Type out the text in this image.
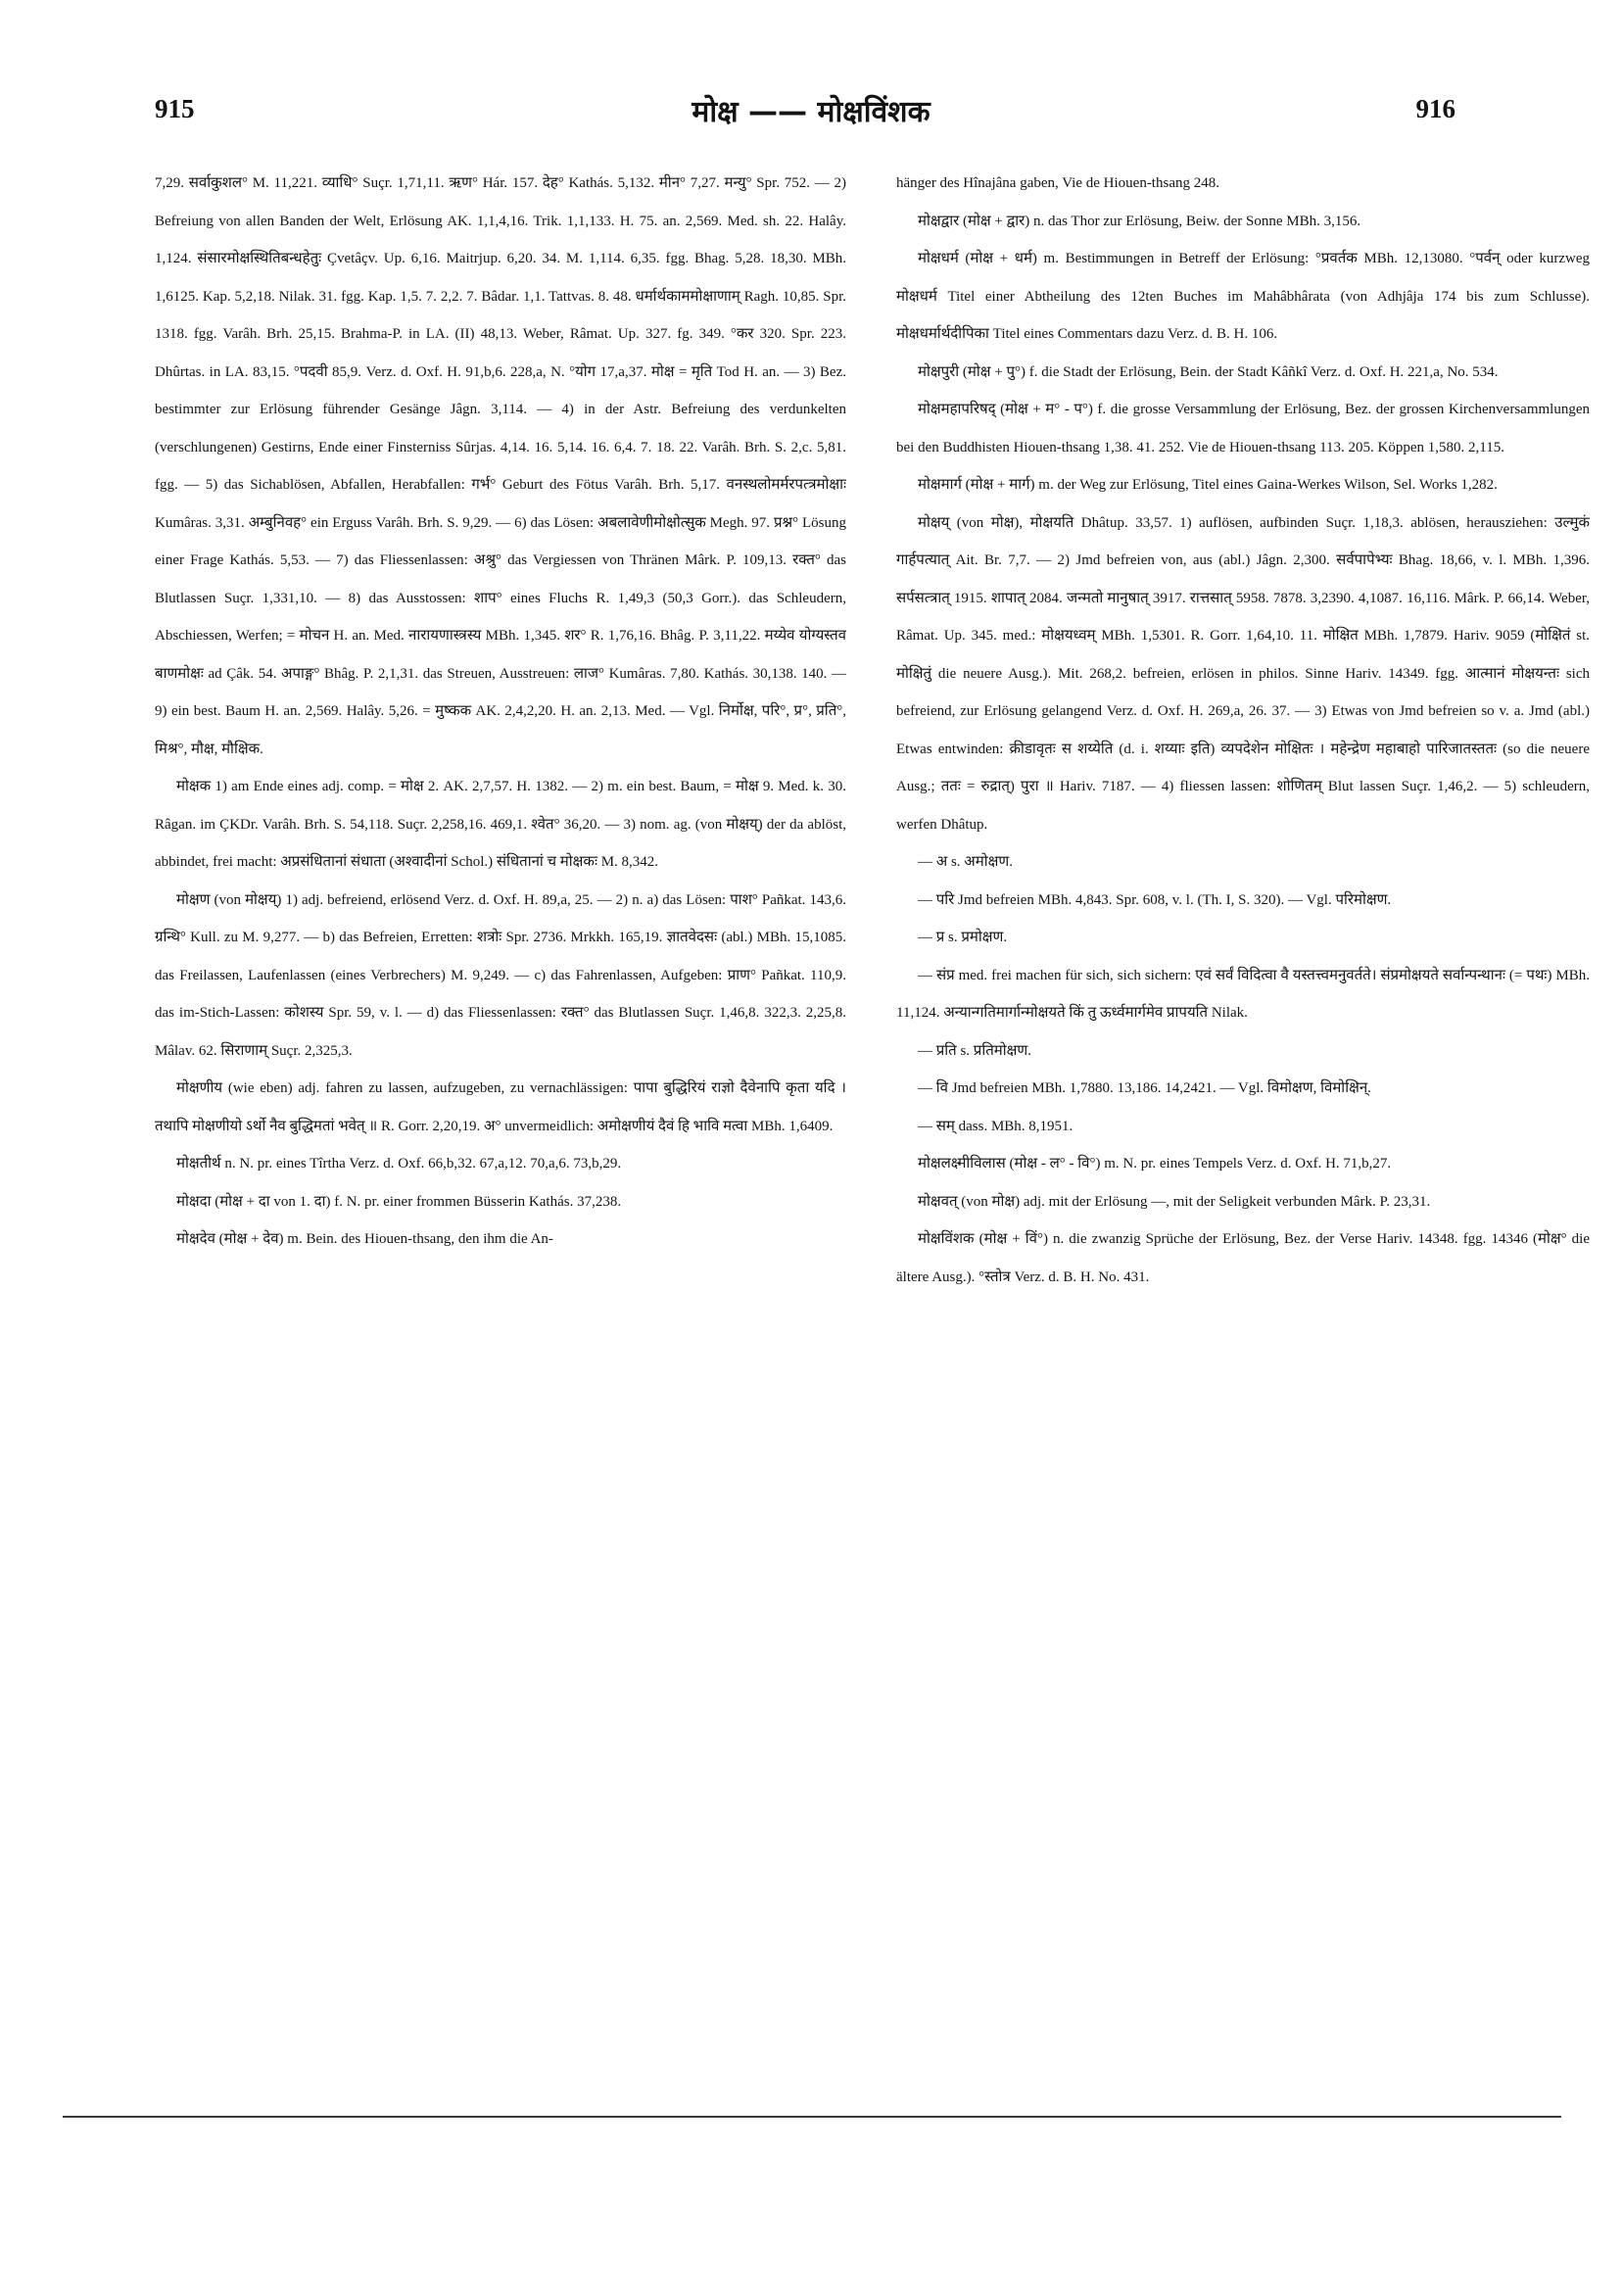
915	मोक्ष —— मोक्षविंशक	916

7,29. सर्वाकुशल° M. 11,221. व्याधि° Suçr. 1,71,11. ऋण° Hár. 157. देह° Kathás. 5,132. मीन° 7,27. मन्यु° Spr. 752. — 2) Befreiung von allen Banden der Welt, Erlösung AK. 1,1,4,16. Trik. 1,1,133. H. 75. an. 2,569. Med. sh. 22. Halây. 1,124. संसारमोक्षस्थितिबन्धहेतुः Çvetâçv. Up. 6,16. Maitrjup. 6,20. 34. M. 1,114. 6,35. fgg. Bhag. 5,28. 18,30. MBh. 1,6125. Kap. 5,2,18. Nilak. 31. fgg. Kap. 1,5. 7. 2,2. 7. Bâdar. 1,1. Tattvas. 8. 48. धर्मार्थकाममोक्षाणाम् Ragh. 10,85. Spr. 1318. fgg. Varâh. Brh. 25,15. Brahma-P. in LA. (II) 48,13. Weber, Râmat. Up. 327. fg. 349. °कर 320. Spr. 223. Dhûrtas. in LA. 83,15. °पदवी 85,9. Verz. d. Oxf. H. 91,b,6. 228,a, N. °योग 17,a,37. मोक्ष = मृति Tod H. an. — 3) Bez. bestimmter zur Erlösung führender Gesänge Jâgn. 3,114. — 4) in der Astr. Befreiung des verdunkelten (verschlungenen) Gestirns, Ende einer Finsterniss Sûrjas. 4,14. 16. 5,14. 16. 6,4. 7. 18. 22. Varâh. Brh. S. 2,c. 5,81. fgg. — 5) das Sichablösen, Abfallen, Herabfallen: गर्भ° Geburt des Fötus Varâh. Brh. 5,17. वनस्थलोमर्मरपत्त्रमोक्षाः Kumâras. 3,31. अम्बुनिवह° ein Erguss Varâh. Brh. S. 9,29. — 6) das Lösen: अबलावेणीमोक्षोत्सुक Megh. 97. प्रश्न° Lösung einer Frage Kathás. 5,53. — 7) das Fliessenlassen: अश्रु° das Vergiessen von Thränen Mârk. P. 109,13. रक्त° das Blutlassen Suçr. 1,331,10. — 8) das Ausstossen: शाप° eines Fluchs R. 1,49,3 (50,3 Gorr.). das Schleudern, Abschiessen, Werfen; = मोचन H. an. Med. नारायणास्त्रस्य MBh. 1,345. शर° R. 1,76,16. Bhâg. P. 3,11,22. मय्येव योग्यस्तव बाणमोक्षः ad Çâk. 54. अपाङ्ग° Bhâg. P. 2,1,31. das Streuen, Ausstreuen: लाज° Kumâras. 7,80. Kathás. 30,138. 140. — 9) ein best. Baum H. an. 2,569. Halây. 5,26. = मुष्कक AK. 2,4,2,20. H. an. 2,13. Med. — Vgl. निर्मोक्ष, परि°, प्र°, प्रति°, मिश्र°, मौक्ष, मौक्षिक.

मोक्षक 1) am Ende eines adj. comp. = मोक्ष 2. AK. 2,7,57. H. 1382. — 2) m. ein best. Baum, = मोक्ष 9. Med. k. 30. Râgan. im ÇKDr. Varâh. Brh. S. 54,118. Suçr. 2,258,16. 469,1. श्वेत° 36,20. — 3) nom. ag. (von मोक्षय्) der da ablöst, abbindet, frei macht: अप्रसंधितानां संधाता (अश्वादीनां Schol.) संधितानां च मोक्षकः M. 8,342.

मोक्षण (von मोक्षय्) 1) adj. befreiend, erlösend Verz. d. Oxf. H. 89,a, 25. — 2) n. a) das Lösen: पाश° Pañkat. 143,6. ग्रन्थि° Kull. zu M. 9,277. — b) das Befreien, Erretten: शत्रोः Spr. 2736. Mrkkh. 165,19. ज्ञातवेदसः (abl.) MBh. 15,1085. das Freilassen, Laufenlassen (eines Verbrechers) M. 9,249. — c) das Fahrenlassen, Aufgeben: प्राण° Pañkat. 110,9. das im-Stich-Lassen: कोशस्य Spr. 59, v. l. — d) das Fliessenlassen: रक्त° das Blutlassen Suçr. 1,46,8. 322,3. 2,25,8. Mâlav. 62. सिराणाम् Suçr. 2,325,3.

मोक्षणीय (wie eben) adj. fahren zu lassen, aufzugeben, zu vernachlässigen: पापा बुद्धिरियं राज्ञो दैवेनापि कृता यदि । तथापि मोक्षणीयो ऽर्थो नैव बुद्धिमतां भवेत् ॥ R. Gorr. 2,20,19. अ° unvermeidlich: अमोक्षणीयं दैवं हि भावि मत्वा MBh. 1,6409.

मोक्षतीर्थ n. N. pr. eines Tîrtha Verz. d. Oxf. 66,b,32. 67,a,12. 70,a,6. 73,b,29.

मोक्षदा (मोक्ष + दा von 1. दा) f. N. pr. einer frommen Büsserin Kathás. 37,238.

मोक्षदेव (मोक्ष + देव) m. Bein. des Hiouen-thsang, den ihm die An-

hänger des Hînajâna gaben, Vie de Hiouen-thsang 248.

मोक्षद्वार (मोक्ष + द्वार) n. das Thor zur Erlösung, Beiw. der Sonne MBh. 3,156.

मोक्षधर्म (मोक्ष + धर्म) m. Bestimmungen in Betreff der Erlösung: °प्रवर्तक MBh. 12,13080. °पर्वन् oder kurzweg मोक्षधर्म Titel einer Abtheilung des 12ten Buches im Mahâbhârata (von Adhjâja 174 bis zum Schlusse). मोक्षधर्मार्थदीपिका Titel eines Commentars dazu Verz. d. B. H. 106.

मोक्षपुरी (मोक्ष + पु°) f. die Stadt der Erlösung, Bein. der Stadt Kâñkî Verz. d. Oxf. H. 221,a, No. 534.

मोक्षमहापरिषद् (मोक्ष + म° - प°) f. die grosse Versammlung der Erlösung, Bez. der grossen Kirchenversammlungen bei den Buddhisten Hiouen-thsang 1,38. 41. 252. Vie de Hiouen-thsang 113. 205. Köppen 1,580. 2,115.

मोक्षमार्ग (मोक्ष + मार्ग) m. der Weg zur Erlösung, Titel eines Gaina-Werkes Wilson, Sel. Works 1,282.

मोक्षय् (von मोक्ष), मोक्षयति Dhâtup. 33,57. 1) auflösen, aufbinden Suçr. 1,18,3. ablösen, herausziehen: उल्मुकं गार्हपत्यात् Ait. Br. 7,7. — 2) Jmd befreien von, aus (abl.) Jâgn. 2,300. सर्वपापेभ्यः Bhag. 18,66, v. l. MBh. 1,396. सर्पसत्त्रात् 1915. शापात् 2084. जन्मतो मानुषात् 3917. रात्तसात् 5958. 7878. 3,2390. 4,1087. 16,116. Mârk. P. 66,14. Weber, Râmat. Up. 345. med.: मोक्षयध्वम् MBh. 1,5301. R. Gorr. 1,64,10. 11. मोक्षित MBh. 1,7879. Hariv. 9059 (मोक्षितं st. मोक्षितुं die neuere Ausg.). Mit. 268,2. befreien, erlösen in philos. Sinne Hariv. 14349. fgg. आत्मानं मोक्षयन्तः sich befreiend, zur Erlösung gelangend Verz. d. Oxf. H. 269,a, 26. 37. — 3) Etwas von Jmd befreien so v. a. Jmd (abl.) Etwas entwinden: क्रीडावृतः स शय्येति (d. i. शय्याः इति) व्यपदेशेन मोक्षितः । महेन्द्रेण महाबाहो पारिजातस्ततः (so die neuere Ausg.; ततः = रुद्रात्) पुरा ॥ Hariv. 7187. — 4) fliessen lassen: शोणितम् Blut lassen Suçr. 1,46,2. — 5) schleudern, werfen Dhâtup.

— अ s. अमोक्षण.

— परि Jmd befreien MBh. 4,843. Spr. 608, v. l. (Th. I, S. 320). — Vgl. परिमोक्षण.

— प्र s. प्रमोक्षण.

— संप्र med. frei machen für sich, sich sichern: एवं सर्वं विदित्वा वै यस्तत्त्वमनुवर्तते। संप्रमोक्षयते सर्वान्पन्थानः (= पथः) MBh. 11,124. अन्यान्गतिमार्गान्मोक्षयते किं तु ऊर्ध्वमार्गमेव प्रापयति Nilak.

— प्रति s. प्रतिमोक्षण.

— वि Jmd befreien MBh. 1,7880. 13,186. 14,2421. — Vgl. विमोक्षण, विमोक्षिन्.

— सम् dass. MBh. 8,1951.

मोक्षलक्ष्मीविलास (मोक्ष - ल° - वि°) m. N. pr. eines Tempels Verz. d. Oxf. H. 71,b,27.

मोक्षवत् (von मोक्ष) adj. mit der Erlösung —, mit der Seligkeit verbunden Mârk. P. 23,31.

मोक्षविंशक (मोक्ष + विं°) n. die zwanzig Sprüche der Erlösung, Bez. der Verse Hariv. 14348. fgg. 14346 (मोक्ष° die ältere Ausg.). °स्तोत्र Verz. d. B. H. No. 431.
